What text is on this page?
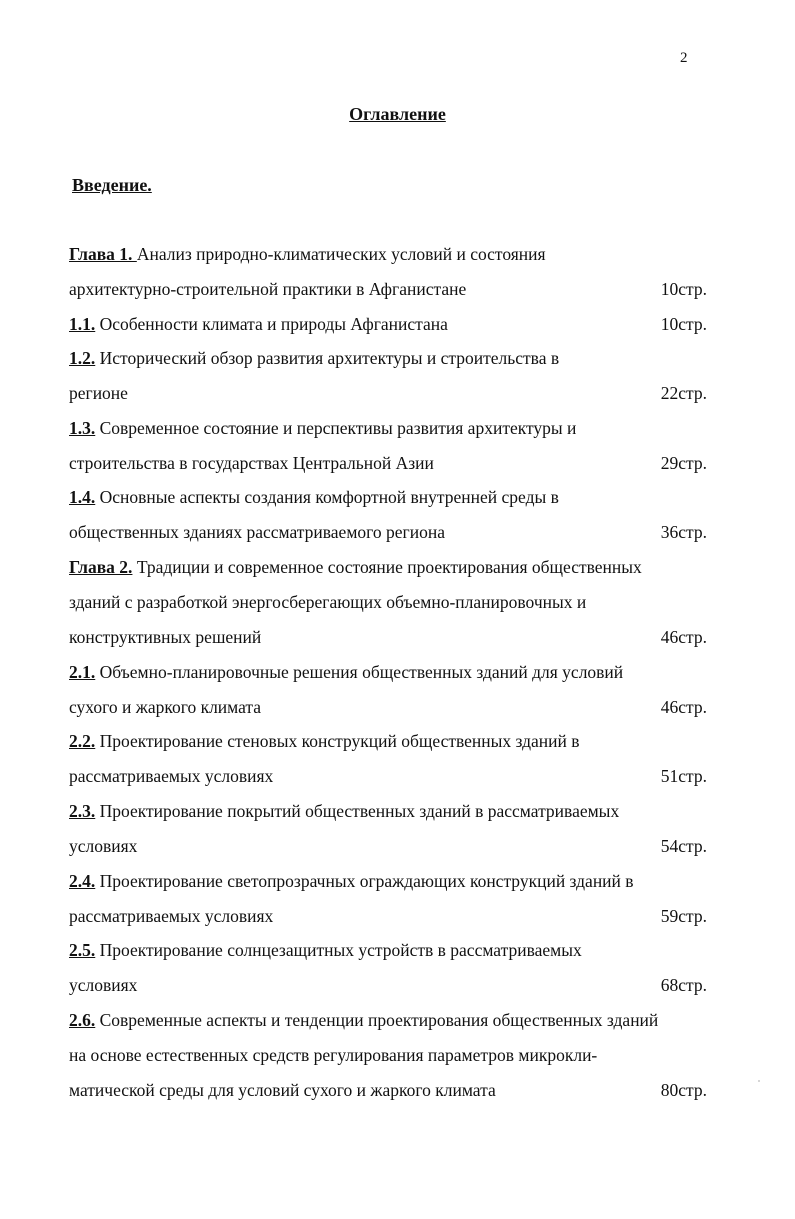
2
Оглавление
Введение.
Глава 1. Анализ природно-климатических условий и состояния
архитектурно-строительной практики в Афганистане	10стр.
1.1. Особенности климата и природы Афганистана	10стр.
1.2. Исторический обзор развития архитектуры и строительства в
регионе	22стр.
1.3. Современное состояние и перспективы развития архитектуры и
строительства в государствах Центральной Азии	29стр.
1.4. Основные аспекты создания комфортной внутренней среды в
общественных зданиях рассматриваемого региона	36стр.
Глава 2. Традиции и современное состояние проектирования общественных
зданий с разработкой энергосберегающих объемно-планировочных и
конструктивных решений	46стр.
2.1. Объемно-планировочные решения общественных зданий для условий
сухого и жаркого климата	46стр.
2.2. Проектирование стеновых конструкций общественных зданий в
рассматриваемых условиях	51стр.
2.3. Проектирование покрытий общественных зданий в рассматриваемых
условиях	54стр.
2.4. Проектирование светопрозрачных ограждающих конструкций зданий в
рассматриваемых условиях	59стр.
2.5. Проектирование солнцезащитных устройств в рассматриваемых
условиях	68стр.
2.6. Современные аспекты и тенденции проектирования общественных зданий
на основе естественных средств регулирования параметров микрокли-
матической среды для условий сухого и жаркого климата	80стр.
